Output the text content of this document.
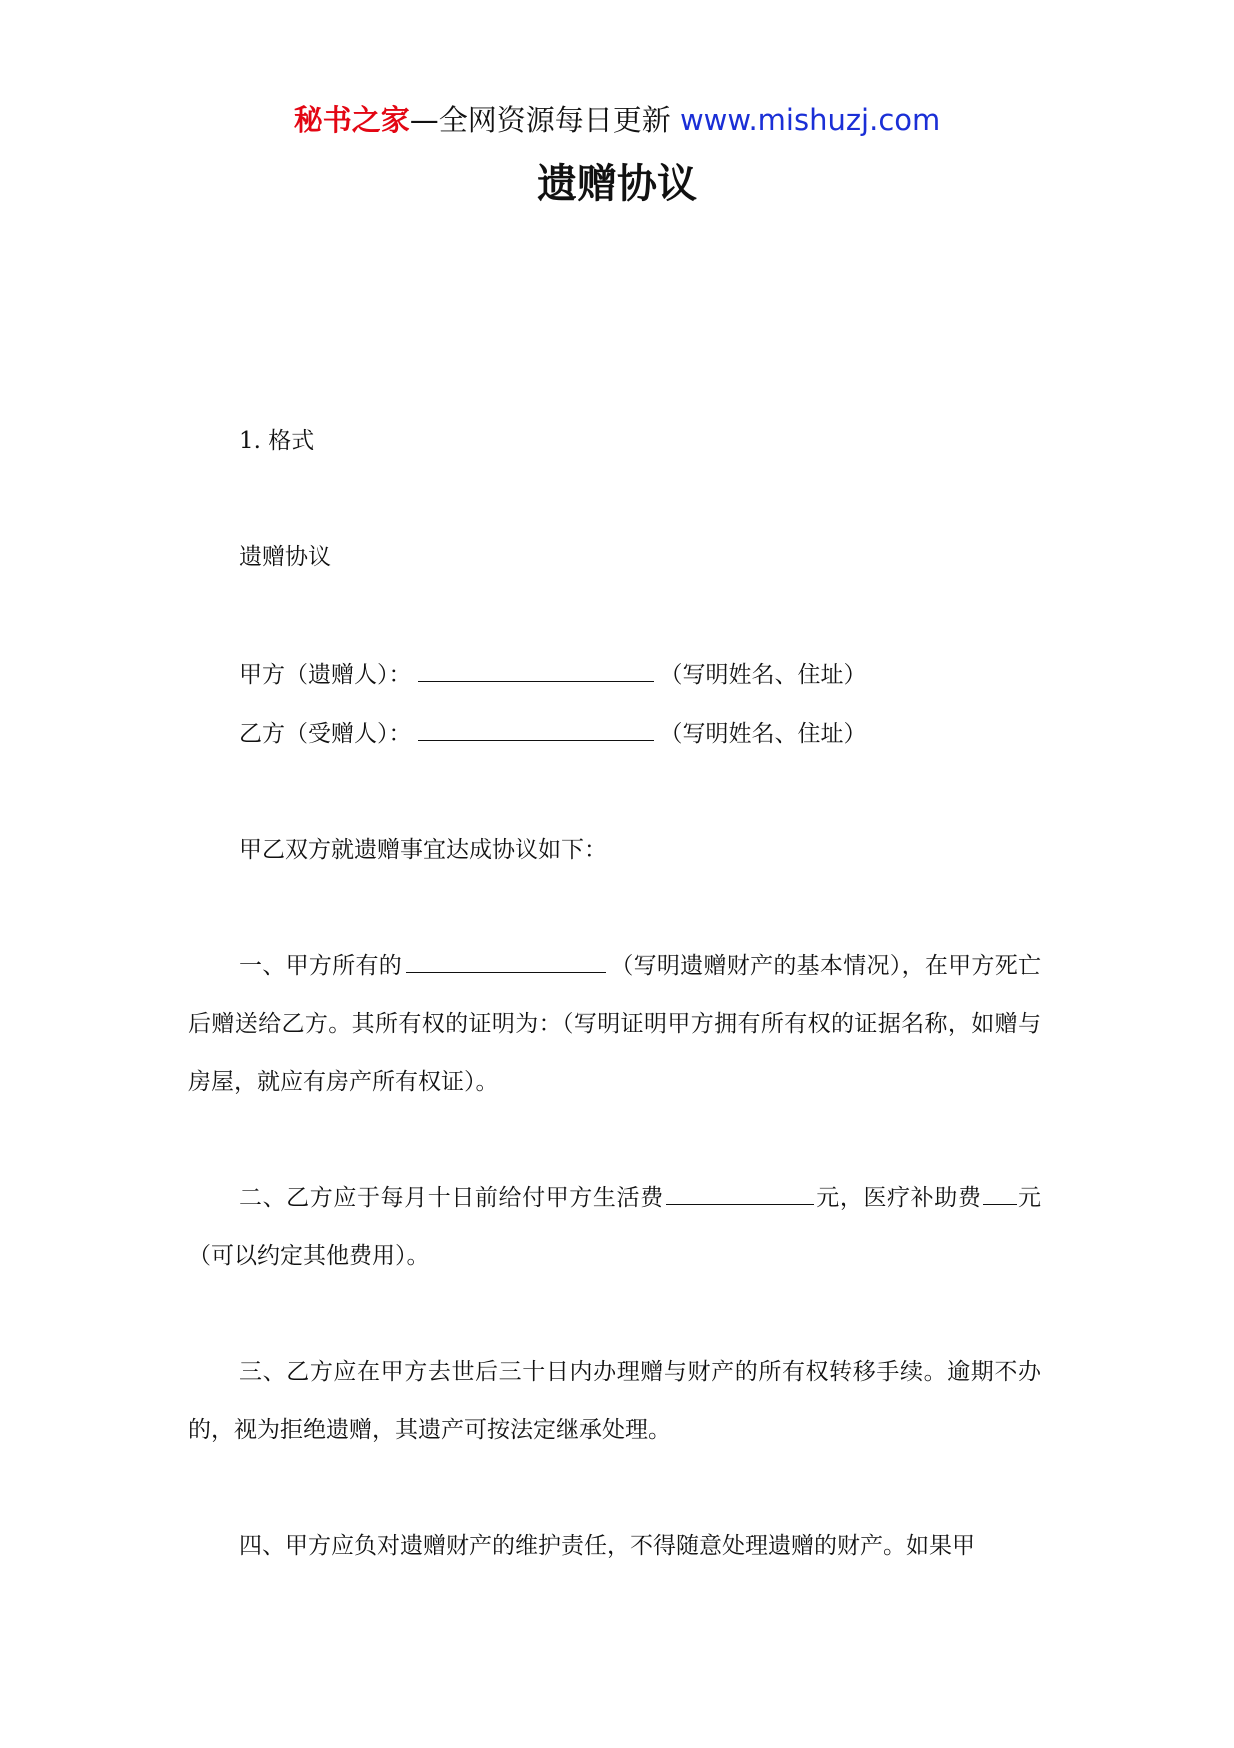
秘书之家—全网资源每日更新 www.mishuzj.com
遗赠协议

1. 格式

遗赠协议

甲方（遗赠人）：	（写明姓名、住址）

乙方（受赠人）：	（写明姓名、住址）

甲乙双方就遗赠事宜达成协议如下：

一、甲方所有的	（写明遗赠财产的基本情况），在甲方死亡后赠送给乙方。其所有权的证明为：（写明证明甲方拥有所有权的证据名称，如赠与房屋，就应有房产所有权证）。

二、乙方应于每月十日前给付甲方生活费	元，医疗补助费 元（可以约定其他费用）。

三、乙方应在甲方去世后三十日内办理赠与财产的所有权转移手续。逾期不办的，视为拒绝遗赠，其遗产可按法定继承处理。

四、甲方应负对遗赠财产的维护责任，不得随意处理遗赠的财产。如果甲
